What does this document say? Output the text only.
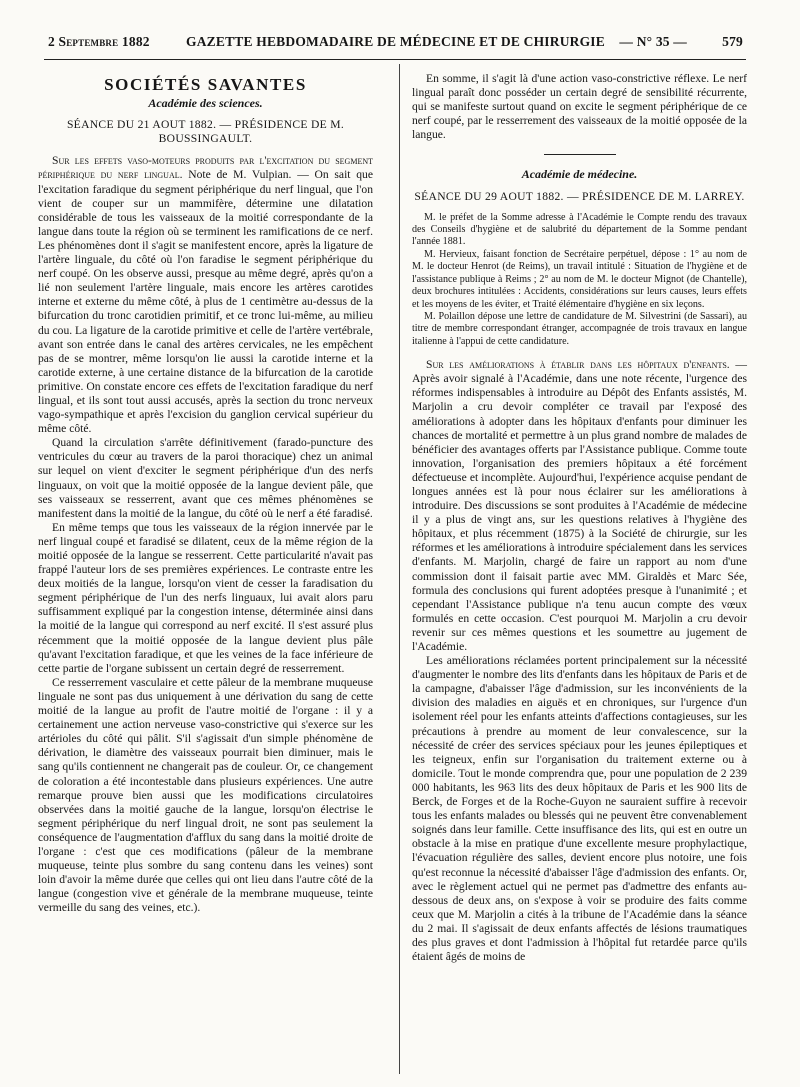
2 Septembre 1882	GAZETTE HEBDOMADAIRE DE MÉDECINE ET DE CHIRURGIE	— N° 35 —	579
SOCIÉTÉS SAVANTES
Académie des sciences.
SÉANCE DU 21 AOUT 1882. — PRÉSIDENCE DE M. BOUSSINGAULT.

Sur les effets vaso-moteurs produits par l'excitation du segment périphérique du nerf lingual. Note de M. Vulpian. — On sait que l'excitation faradique du segment périphérique du nerf lingual, que l'on vient de couper sur un mammifère, détermine une dilatation considérable de tous les vaisseaux de la moitié correspondante de la langue dans toute la région où se terminent les ramifications de ce nerf. Les phénomènes dont il s'agit se manifestent encore, après la ligature de l'artère linguale, du côté où l'on faradise le segment périphérique du nerf coupé. On les observe aussi, presque au même degré, après qu'on a lié non seulement l'artère linguale, mais encore les artères carotides interne et externe du même côté, à plus de 1 centimètre au-dessus de la bifurcation du tronc carotidien primitif, et ce tronc lui-même, au milieu du cou. La ligature de la carotide primitive et celle de l'artère vertébrale, avant son entrée dans le canal des artères cervicales, ne les empêchent pas de se montrer, même lorsqu'on lie aussi la carotide interne et la carotide externe, à une certaine distance de la bifurcation de la carotide primitive. On constate encore ces effets de l'excitation faradique du nerf lingual, et ils sont tout aussi accusés, après la section du tronc nerveux vago-sympathique et après l'excision du ganglion cervical supérieur du même côté.

Quand la circulation s'arrête définitivement (farado-puncture des ventricules du cœur au travers de la paroi thoracique) chez un animal sur lequel on vient d'exciter le segment périphérique d'un des nerfs linguaux, on voit que la moitié opposée de la langue devient pâle, que ses vaisseaux se resserrent, avant que ces mêmes phénomènes se manifestent dans la moitié de la langue, du côté où le nerf a été faradisé.

En même temps que tous les vaisseaux de la région innervée par le nerf lingual coupé et faradisé se dilatent, ceux de la même région de la moitié opposée de la langue se resserrent. Cette particularité n'avait pas frappé l'auteur lors de ses premières expériences. Le contraste entre les deux moitiés de la langue, lorsqu'on vient de cesser la faradisation du segment périphérique de l'un des nerfs linguaux, lui avait alors paru suffisamment expliqué par la congestion intense, déterminée ainsi dans la moitié de la langue qui correspond au nerf excité. Il s'est assuré plus récemment que la moitié opposée de la langue devient plus pâle qu'avant l'excitation faradique, et que les veines de la face inférieure de cette partie de l'organe subissent un certain degré de resserrement.

Ce resserrement vasculaire et cette pâleur de la membrane muqueuse linguale ne sont pas dus uniquement à une dérivation du sang de cette moitié de la langue au profit de l'autre moitié de l'organe : il y a certainement une action nerveuse vaso-constrictive qui s'exerce sur les artérioles du côté qui pâlit. S'il s'agissait d'un simple phénomène de dérivation, le diamètre des vaisseaux pourrait bien diminuer, mais le sang qu'ils contiennent ne changerait pas de couleur. Or, ce changement de coloration a été incontestable dans plusieurs expériences. Une autre remarque prouve bien aussi que les modifications circulatoires observées dans la moitié gauche de la langue, lorsqu'on électrise le segment périphérique du nerf lingual droit, ne sont pas seulement la conséquence de l'augmentation d'afflux du sang dans la moitié droite de l'organe : c'est que ces modifications (pâleur de la membrane muqueuse, teinte plus sombre du sang contenu dans les veines) sont loin d'avoir la même durée que celles qui ont lieu dans l'autre côté de la langue (congestion vive et générale de la membrane muqueuse, teinte vermeille du sang des veines, etc.).

En somme, il s'agit là d'une action vaso-constrictive réflexe. Le nerf lingual paraît donc posséder un certain degré de sensibilité récurrente, qui se manifeste surtout quand on excite le segment périphérique de ce nerf coupé, par le resserrement des vaisseaux de la moitié opposée de la langue.

Académie de médecine.
SÉANCE DU 29 AOUT 1882. — PRÉSIDENCE DE M. LARREY.

M. le préfet de la Somme adresse à l'Académie le Compte rendu des travaux des Conseils d'hygiène et de salubrité du département de la Somme pendant l'année 1881.

M. Hervieux, faisant fonction de Secrétaire perpétuel, dépose : 1° au nom de M. le docteur Henrot (de Reims), un travail intitulé : Situation de l'hygiène et de l'assistance publique à Reims ; 2° au nom de M. le docteur Mignot (de Chantelle), deux brochures intitulées : Accidents, considérations sur leurs causes, leurs effets et les moyens de les éviter, et Traité élémentaire d'hygiène en six leçons.

M. Polaillon dépose une lettre de candidature de M. Silvestrini (de Sassari), au titre de membre correspondant étranger, accompagnée de trois travaux en langue italienne à l'appui de cette candidature.

Sur les améliorations à établir dans les hôpitaux d'enfants. — Après avoir signalé à l'Académie, dans une note récente, l'urgence des réformes indispensables à introduire au Dépôt des Enfants assistés, M. Marjolin a cru devoir compléter ce travail par l'exposé des améliorations à adopter dans les hôpitaux d'enfants pour diminuer les chances de mortalité et permettre à un plus grand nombre de malades de bénéficier des avantages offerts par l'Assistance publique. Comme toute innovation, l'organisation des premiers hôpitaux a été forcément défectueuse et incomplète. Aujourd'hui, l'expérience acquise pendant de longues années est là pour nous éclairer sur les améliorations à introduire. Des discussions se sont produites à l'Académie de médecine il y a plus de vingt ans, sur les questions relatives à l'hygiène des hôpitaux, et plus récemment (1875) à la Société de chirurgie, sur les réformes et les améliorations à introduire spécialement dans les services d'enfants. M. Marjolin, chargé de faire un rapport au nom d'une commission dont il faisait partie avec MM. Giraldès et Marc Sée, formula des conclusions qui furent adoptées presque à l'unanimité ; et cependant l'Assistance publique n'a tenu aucun compte des vœux formulés en cette occasion. C'est pourquoi M. Marjolin a cru devoir revenir sur ces mêmes questions et les soumettre au jugement de l'Académie.

Les améliorations réclamées portent principalement sur la nécessité d'augmenter le nombre des lits d'enfants dans les hôpitaux de Paris et de la campagne, d'abaisser l'âge d'admission, sur les inconvénients de la division des maladies en aiguës et en chroniques, sur l'urgence d'un isolement réel pour les enfants atteints d'affections contagieuses, sur les précautions à prendre au moment de leur convalescence, sur la nécessité de créer des services spéciaux pour les jeunes épileptiques et les teigneux, enfin sur l'organisation du traitement externe ou à domicile. Tout le monde comprendra que, pour une population de 2 239 000 habitants, les 963 lits des deux hôpitaux de Paris et les 900 lits de Berck, de Forges et de la Roche-Guyon ne sauraient suffire à recevoir tous les enfants malades ou blessés qui ne peuvent être convenablement soignés dans leur famille. Cette insuffisance des lits, qui est en outre un obstacle à la mise en pratique d'une excellente mesure prophylactique, l'évacuation régulière des salles, devient encore plus notoire, une fois qu'est reconnue la nécessité d'abaisser l'âge d'admission des enfants. Or, avec le règlement actuel qui ne permet pas d'admettre des enfants au-dessous de deux ans, on s'expose à voir se produire des faits comme ceux que M. Marjolin a cités à la tribune de l'Académie dans la séance du 2 mai. Il s'agissait de deux enfants affectés de lésions traumatiques des plus graves et dont l'admission à l'hôpital fut retardée parce qu'ils étaient âgés de moins de
